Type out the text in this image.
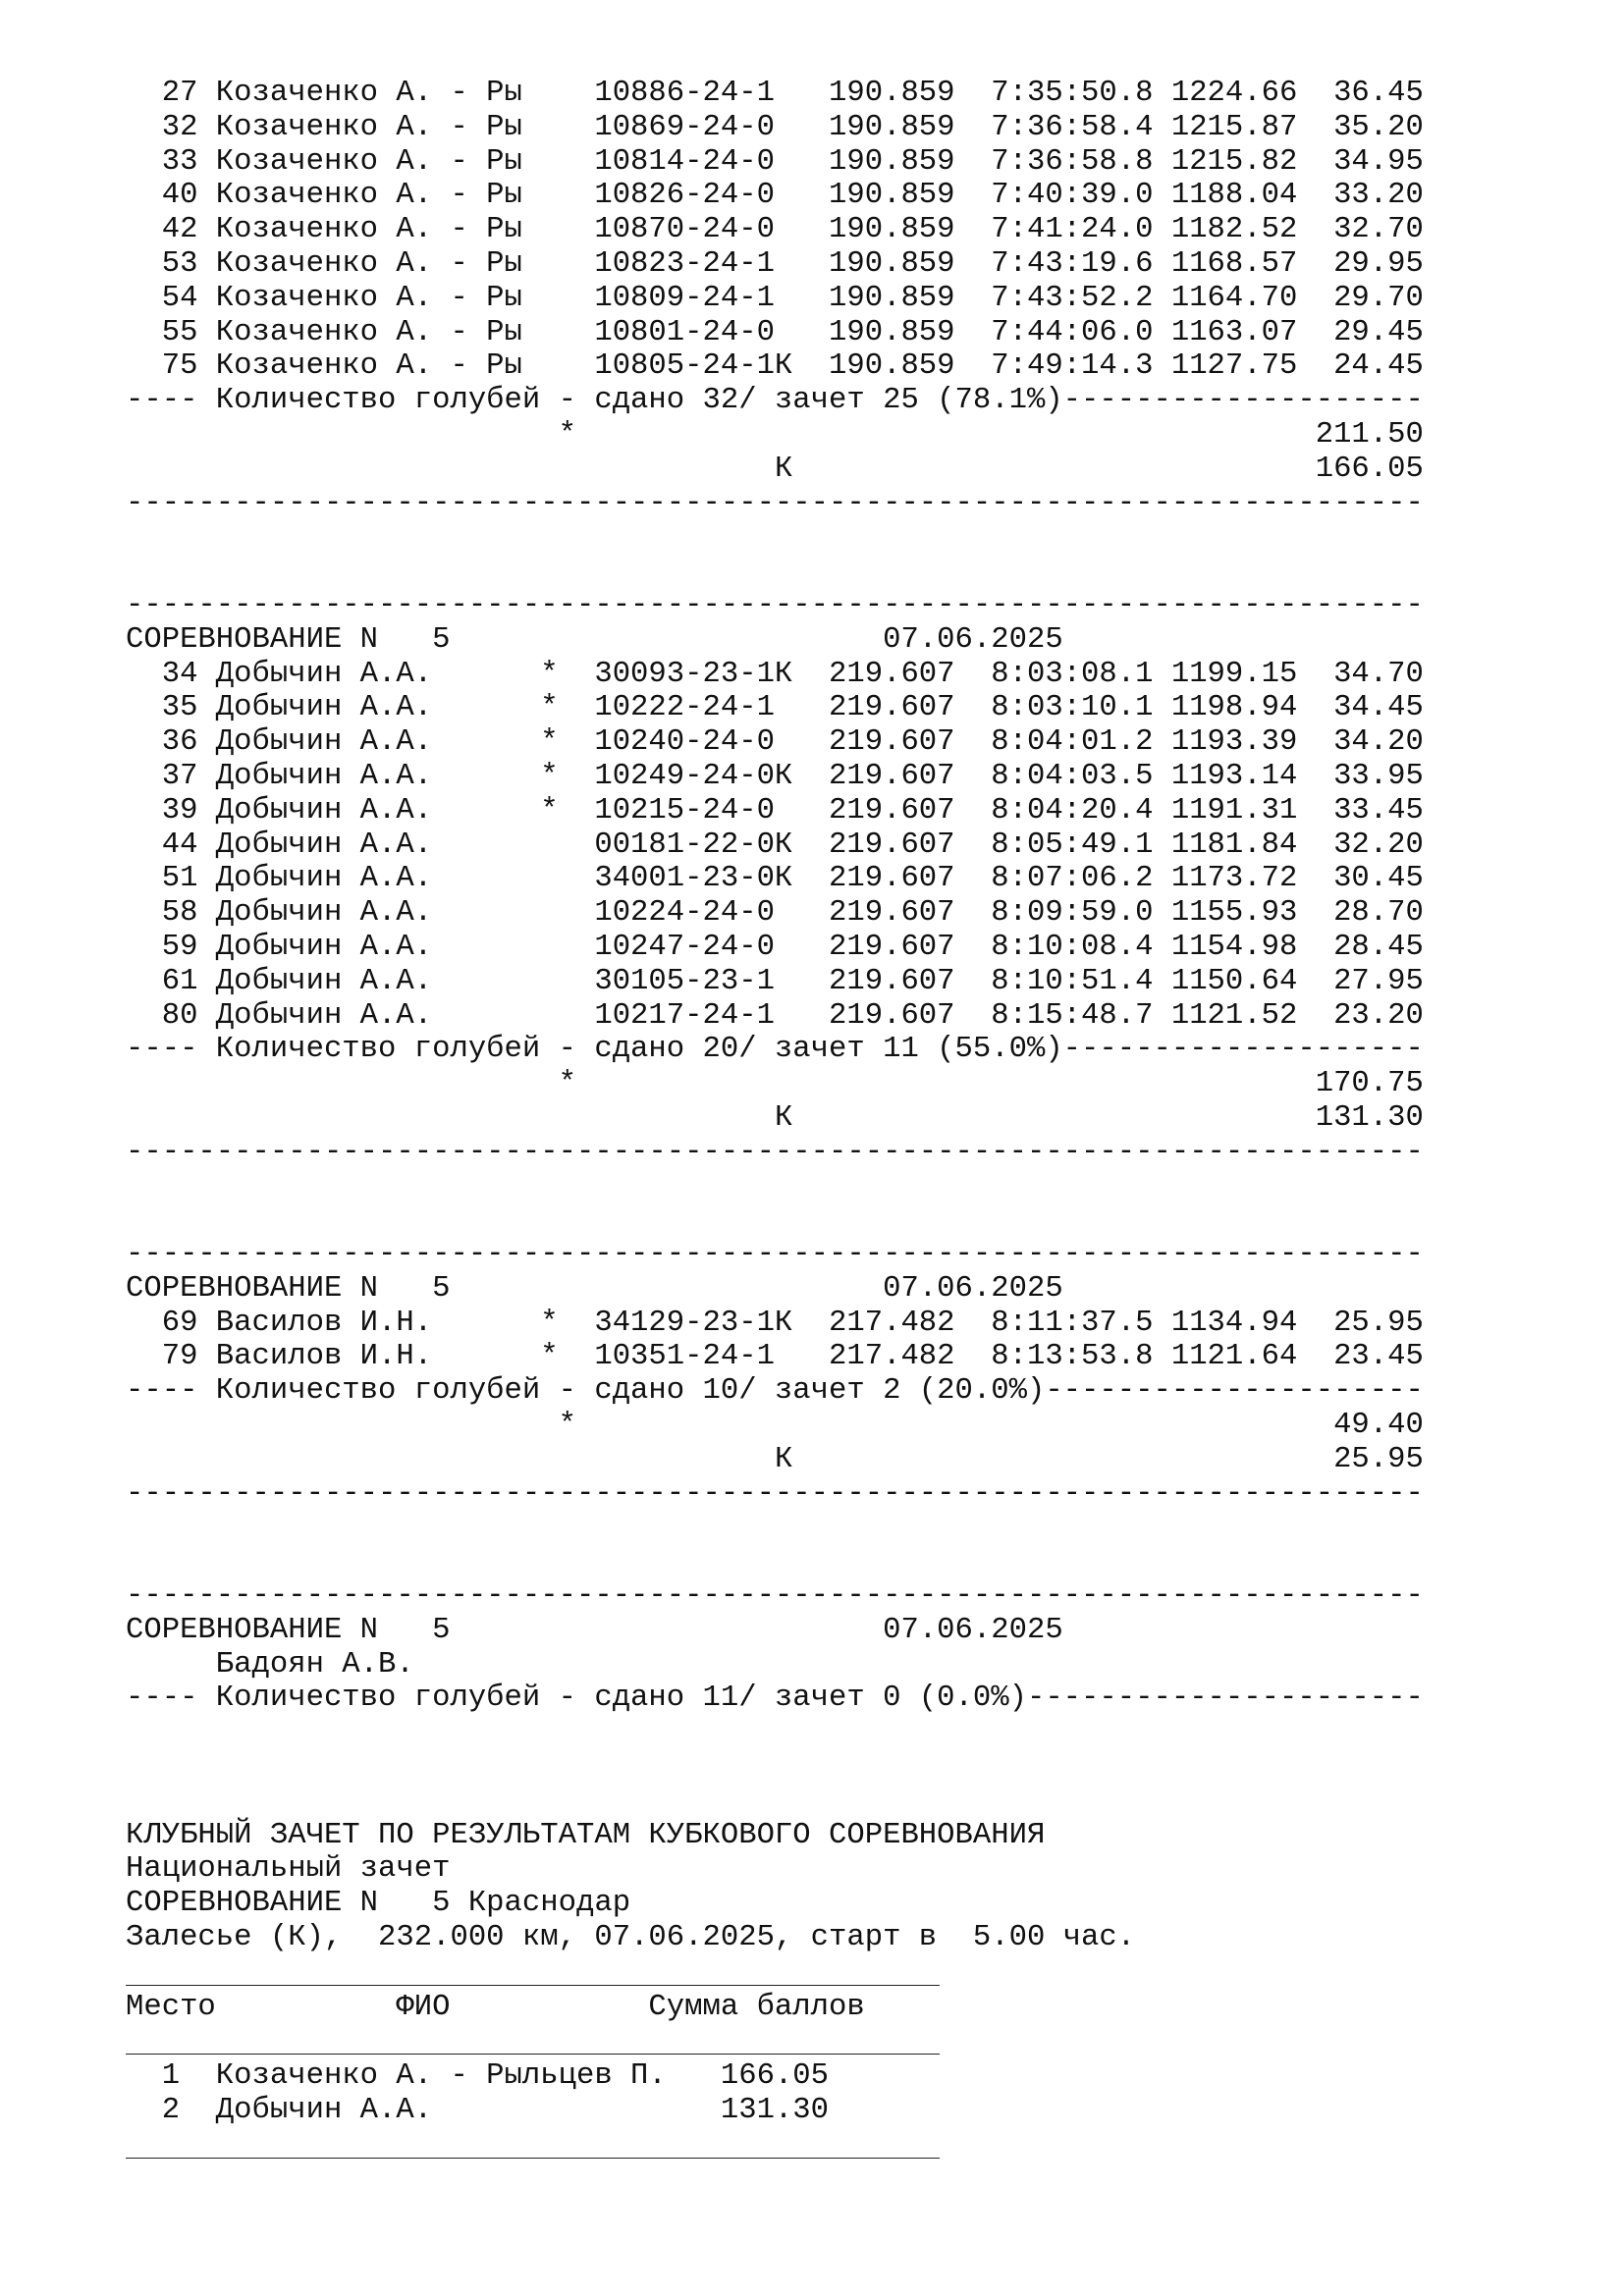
27 Козаченко А. - Ры 10886-24-1 190.859 7:35:50.8 1224.66 36.45
32 Козаченко А. - Ры 10869-24-0 190.859 7:36:58.4 1215.87 35.20
33 Козаченко А. - Ры 10814-24-0 190.859 7:36:58.8 1215.82 34.95
40 Козаченко А. - Ры 10826-24-0 190.859 7:40:39.0 1188.04 33.20
42 Козаченко А. - Ры 10870-24-0 190.859 7:41:24.0 1182.52 32.70
53 Козаченко А. - Ры 10823-24-1 190.859 7:43:19.6 1168.57 29.95
54 Козаченко А. - Ры 10809-24-1 190.859 7:43:52.2 1164.70 29.70
55 Козаченко А. - Ры 10801-24-0 190.859 7:44:06.0 1163.07 29.45
75 Козаченко А. - Ры 10805-24-1К 190.859 7:49:14.3 1127.75 24.45
---- Количество голубей - сдано 32/ зачет 25 (78.1%)--------------------
*	211.50
К	166.05
------------------------------------------------------------------------

------------------------------------------------------------------------
СОРЕВНОВАНИЕ N   5	07.06.2025
34 Добычин А.А.	* 30093-23-1К 219.607 8:03:08.1 1199.15 34.70
35 Добычин А.А.	* 10222-24-1 219.607 8:03:10.1 1198.94 34.45
36 Добычин А.А.	* 10240-24-0 219.607 8:04:01.2 1193.39 34.20
37 Добычин А.А.	* 10249-24-0К 219.607 8:04:03.5 1193.14 33.95
39 Добычин А.А.	* 10215-24-0 219.607 8:04:20.4 1191.31 33.45
44 Добычин А.А.	00181-22-0К 219.607 8:05:49.1 1181.84 32.20
51 Добычин А.А.	34001-23-0К 219.607 8:07:06.2 1173.72 30.45
58 Добычин А.А.	10224-24-0 219.607 8:09:59.0 1155.93 28.70
59 Добычин А.А.	10247-24-0 219.607 8:10:08.4 1154.98 28.45
61 Добычин А.А.	30105-23-1 219.607 8:10:51.4 1150.64 27.95
80 Добычин А.А.	10217-24-1 219.607 8:15:48.7 1121.52 23.20
---- Количество голубей - сдано 20/ зачет 11 (55.0%)--------------------
*	170.75
К	131.30
------------------------------------------------------------------------

------------------------------------------------------------------------
СОРЕВНОВАНИЕ N   5	07.06.2025
69 Василов И.Н.	* 34129-23-1К 217.482 8:11:37.5 1134.94 25.95
79 Василов И.Н.	* 10351-24-1 217.482 8:13:53.8 1121.64 23.45
---- Количество голубей - сдано 10/ зачет 2 (20.0%)---------------------
*	49.40
К	25.95
------------------------------------------------------------------------

------------------------------------------------------------------------
СОРЕВНОВАНИЕ N   5	07.06.2025
Бадоян А.В.
---- Количество голубей - сдано 11/ зачет 0 (0.0%)----------------------
КЛУБНЫЙ ЗАЧЕТ ПО РЕЗУЛЬТАТАМ КУБКОВОГО СОРЕВНОВАНИЯ
Национальный зачет
СОРЕВНОВАНИЕ N   5 Краснодар
Залесье (К),  232.000 км, 07.06.2025, старт в  5.00 час.
Место	ФИО	Сумма баллов
1 Козаченко А. - Рыльцев П. 166.05
2 Добычин А.А.	131.30
